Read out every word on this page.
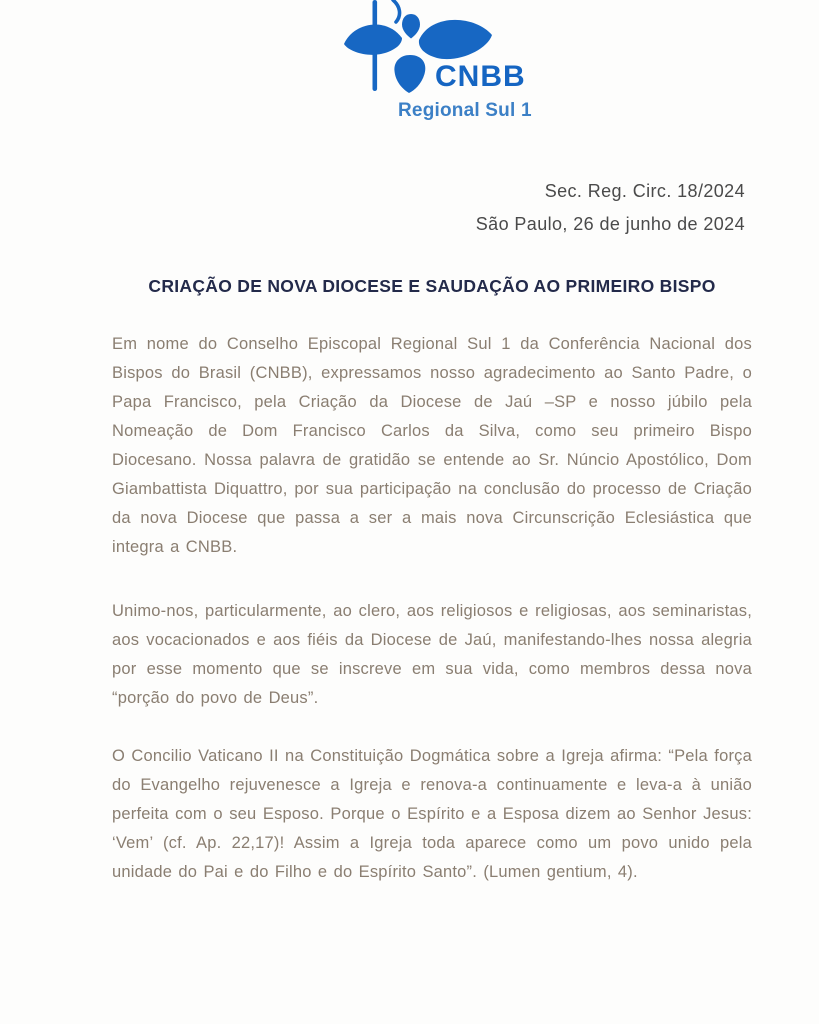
CNBB
Regional Sul 1
Sec. Reg. Circ. 18/2024
São Paulo, 26 de junho de 2024
CRIAÇÃO DE NOVA DIOCESE E SAUDAÇÃO AO PRIMEIRO BISPO

Em nome do Conselho Episcopal Regional Sul 1 da Conferência Nacional dos Bispos do Brasil (CNBB), expressamos nosso agradecimento ao Santo Padre, o Papa Francisco, pela Criação da Diocese de Jaú –SP e nosso júbilo pela Nomeação de Dom Francisco Carlos da Silva, como seu primeiro Bispo Diocesano. Nossa palavra de gratidão se entende ao Sr. Núncio Apostólico, Dom Giambattista Diquattro, por sua participação na conclusão do processo de Criação da nova Diocese que passa a ser a mais nova Circunscrição Eclesiástica que integra a CNBB.

Unimo-nos, particularmente, ao clero, aos religiosos e religiosas, aos seminaristas, aos vocacionados e aos fiéis da Diocese de Jaú, manifestando-lhes nossa alegria por esse momento que se inscreve em sua vida, como membros dessa nova “porção do povo de Deus”.

O Concilio Vaticano II na Constituição Dogmática sobre a Igreja afirma: “Pela força do Evangelho rejuvenesce a Igreja e renova-a continuamente e leva-a à união perfeita com o seu Esposo. Porque o Espírito e a Esposa dizem ao Senhor Jesus: ‘Vem’ (cf. Ap. 22,17)! Assim a Igreja toda aparece como um povo unido pela unidade do Pai e do Filho e do Espírito Santo”. (Lumen gentium, 4).
